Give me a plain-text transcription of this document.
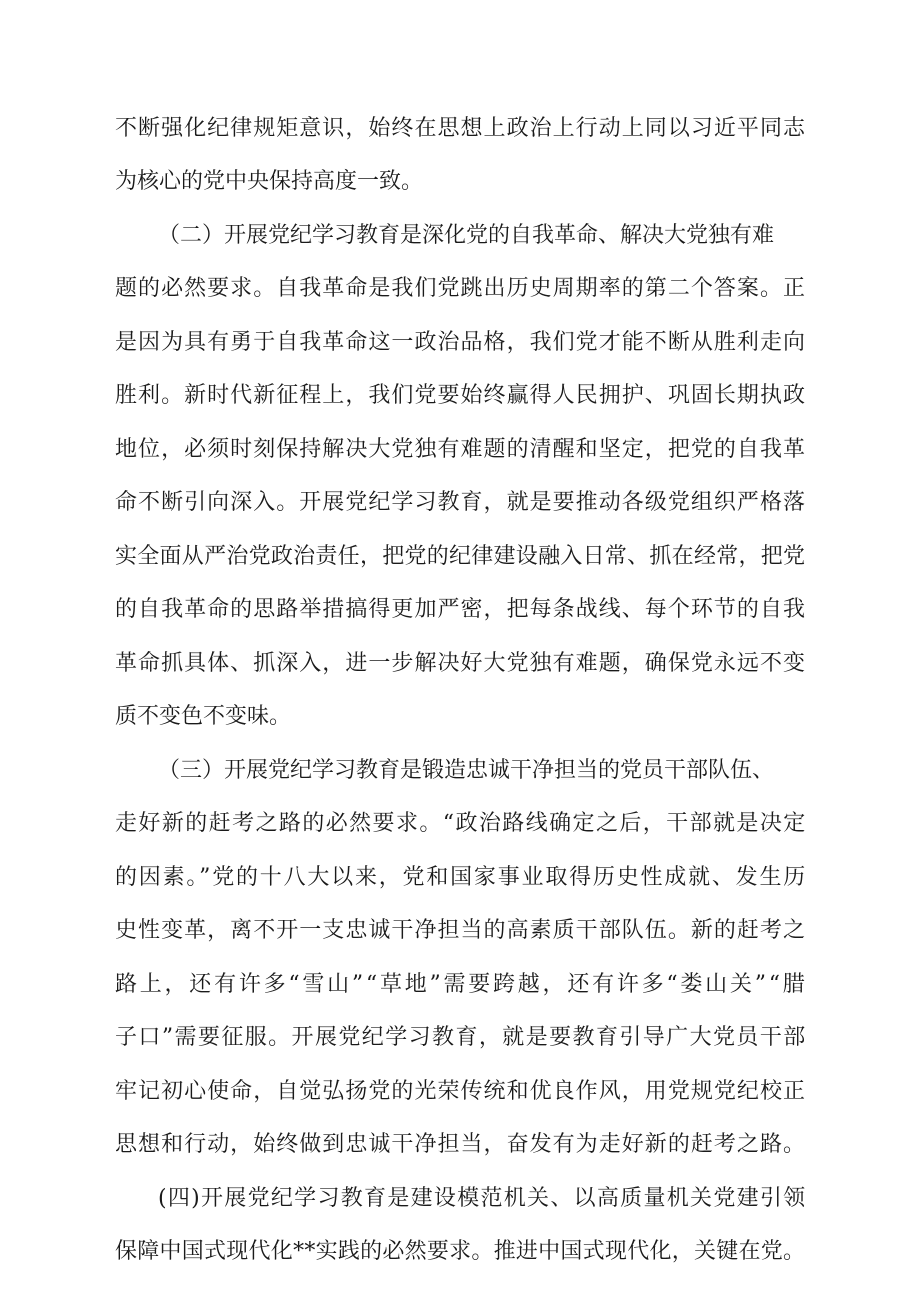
不断强化纪律规矩意识，始终在思想上政治上行动上同以习近平同志
为核心的党中央保持高度一致。
（二）开展党纪学习教育是深化党的自我革命、解决大党独有难
题的必然要求。自我革命是我们党跳出历史周期率的第二个答案。正
是因为具有勇于自我革命这一政治品格，我们党才能不断从胜利走向
胜利。新时代新征程上，我们党要始终赢得人民拥护、巩固长期执政
地位，必须时刻保持解决大党独有难题的清醒和坚定，把党的自我革
命不断引向深入。开展党纪学习教育，就是要推动各级党组织严格落
实全面从严治党政治责任，把党的纪律建设融入日常、抓在经常，把党
的自我革命的思路举措搞得更加严密，把每条战线、每个环节的自我
革命抓具体、抓深入，进一步解决好大党独有难题，确保党永远不变
质不变色不变味。
（三）开展党纪学习教育是锻造忠诚干净担当的党员干部队伍、
走好新的赶考之路的必然要求。“政治路线确定之后，干部就是决定
的因素。”党的十八大以来，党和国家事业取得历史性成就、发生历
史性变革，离不开一支忠诚干净担当的高素质干部队伍。新的赶考之
路上，还有许多“雪山”“草地”需要跨越，还有许多“娄山关”“腊
子口”需要征服。开展党纪学习教育，就是要教育引导广大党员干部
牢记初心使命，自觉弘扬党的光荣传统和优良作风，用党规党纪校正
思想和行动，始终做到忠诚干净担当，奋发有为走好新的赶考之路。
(四)开展党纪学习教育是建设模范机关、以高质量机关党建引领
保障中国式现代化**实践的必然要求。推进中国式现代化，关键在党。
